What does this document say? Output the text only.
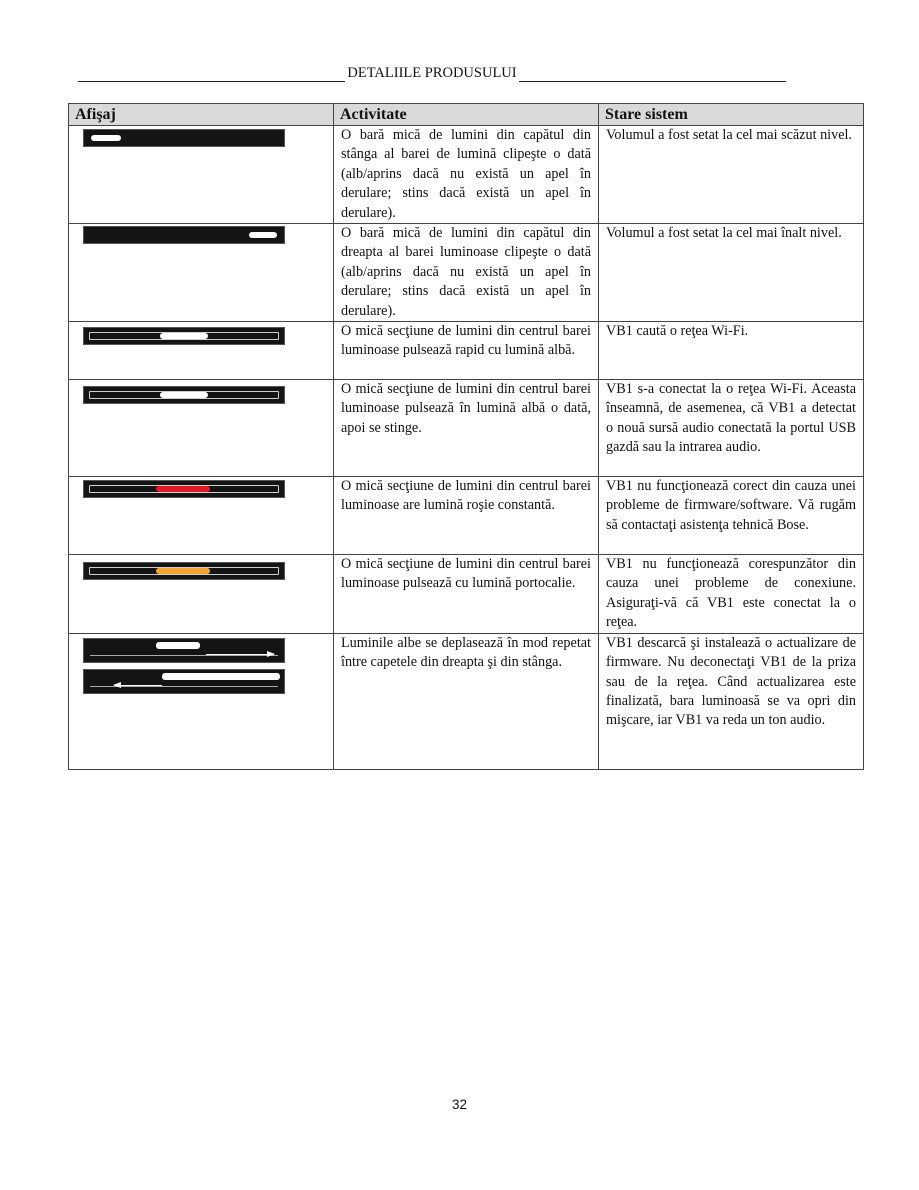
DETALIILE PRODUSULUI
Afişaj	Activitate	Stare sistem

	O bară mică de lumini din capătul din stânga al barei de lumină clipeşte o dată (alb/aprins dacă nu există un apel în derulare; stins dacă există un apel în derulare).	Volumul a fost setat la cel mai scăzut nivel.

	O bară mică de lumini din capătul din dreapta al barei luminoase clipeşte o dată (alb/aprins dacă nu există un apel în derulare; stins dacă există un apel în derulare).	Volumul a fost setat la cel mai înalt nivel.

	O mică secţiune de lumini din centrul barei luminoase pulsează rapid cu lumină albă.	VB1 caută o reţea Wi-Fi.

	O mică secţiune de lumini din centrul barei luminoase pulsează în lumină albă o dată, apoi se stinge.	VB1 s-a conectat la o reţea Wi-Fi. Aceasta înseamnă, de asemenea, că VB1 a detectat o nouă sursă audio conectată la portul USB gazdă sau la intrarea audio.

	O mică secţiune de lumini din centrul barei luminoase are lumină roşie constantă.	VB1 nu funcţionează corect din cauza unei probleme de firmware/software. Vă rugăm să contactaţi asistenţa tehnică Bose.

	O mică secţiune de lumini din centrul barei luminoase pulsează cu lumină portocalie.	VB1 nu funcţionează corespunzător din cauza unei probleme de conexiune. Asiguraţi-vă că VB1 este conectat la o reţea.

	Luminile albe se deplasează în mod repetat între capetele din dreapta şi din stânga.	VB1 descarcă şi instalează o actualizare de firmware. Nu deconectaţi VB1 de la priza sau de la reţea. Când actualizarea este finalizată, bara luminoasă se va opri din mişcare, iar VB1 va reda un ton audio.
32
